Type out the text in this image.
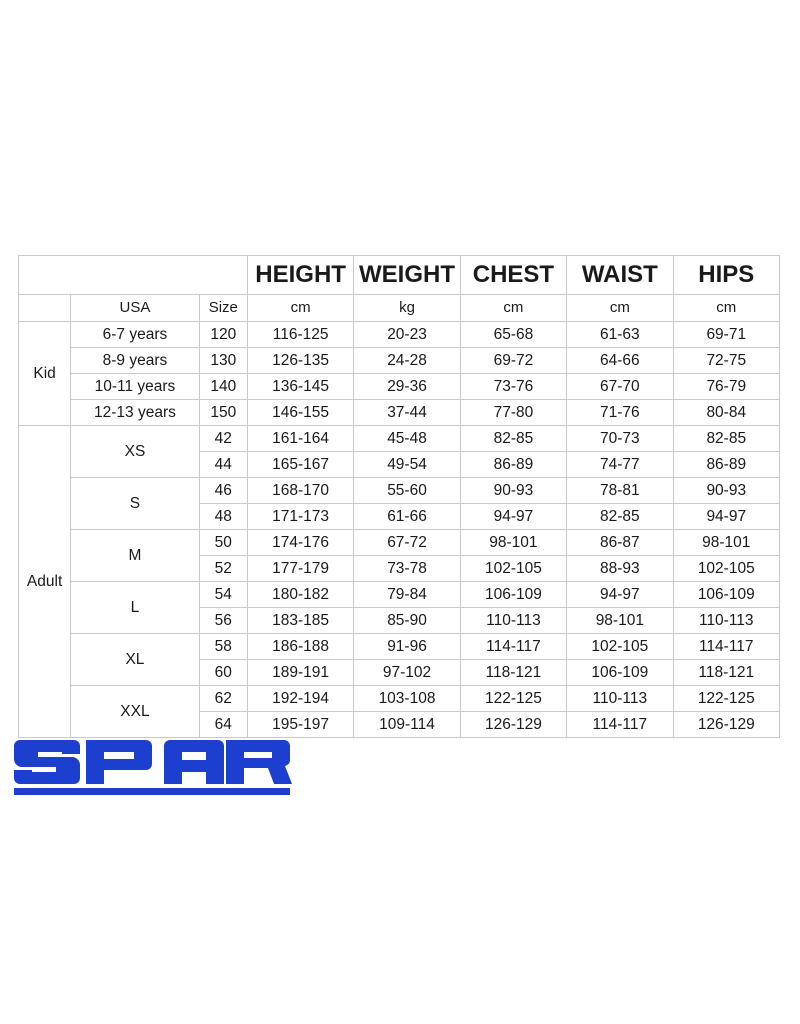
			HEIGHT	WEIGHT	CHEST	WAIST	HIPS
	USA	Size	cm	kg	cm	cm	cm
Kid	6-7 years	120	116-125	20-23	65-68	61-63	69-71
	8-9 years	130	126-135	24-28	69-72	64-66	72-75
	10-11 years	140	136-145	29-36	73-76	67-70	76-79
	12-13 years	150	146-155	37-44	77-80	71-76	80-84
Adult	XS	42	161-164	45-48	82-85	70-73	82-85
		44	165-167	49-54	86-89	74-77	86-89
	S	46	168-170	55-60	90-93	78-81	90-93
		48	171-173	61-66	94-97	82-85	94-97
	M	50	174-176	67-72	98-101	86-87	98-101
		52	177-179	73-78	102-105	88-93	102-105
	L	54	180-182	79-84	106-109	94-97	106-109
		56	183-185	85-90	110-113	98-101	110-113
	XL	58	186-188	91-96	114-117	102-105	114-117
		60	189-191	97-102	118-121	106-109	118-121
	XXL	62	192-194	103-108	122-125	110-113	122-125
		64	195-197	109-114	126-129	114-117	126-129
